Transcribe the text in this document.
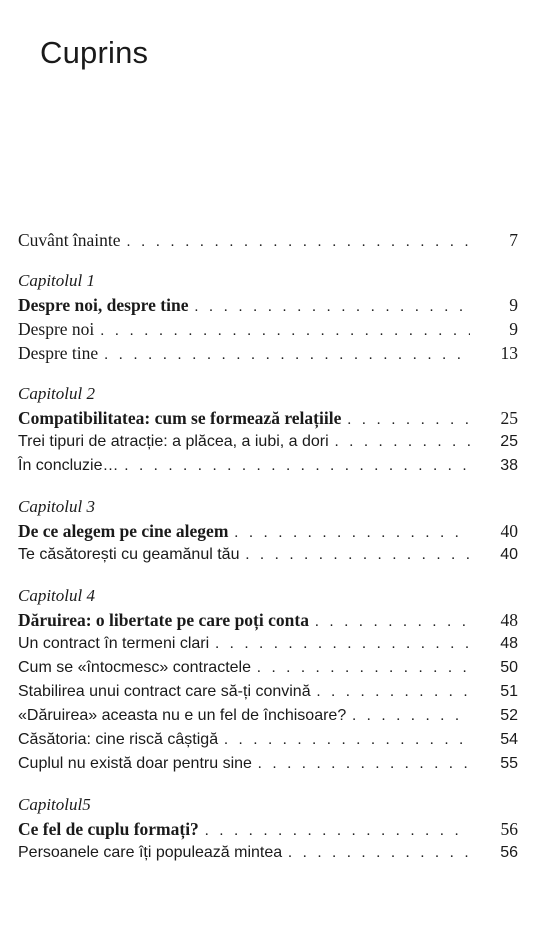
Cuprins
Cuvânt înainte . . .	7
Capitolul 1
Despre noi, despre tine . . .	9
Despre noi . . .	9
Despre tine . . .	13
Capitolul 2
Compatibilitatea: cum se formează relațiile . . .	25
Trei tipuri de atracție: a plăcea, a iubi, a dori . . .	25
În concluzie… . . .	38
Capitolul 3
De ce alegem pe cine alegem . . .	40
Te căsătorești cu geamănul tău . . .	40
Capitolul 4
Dăruirea: o libertate pe care poți conta . . .	48
Un contract în termeni clari . . .	48
Cum se «întocmesc» contractele . . .	50
Stabilirea unui contract care să-ți convină . . .	51
«Dăruirea» aceasta nu e un fel de închisoare? . . .	52
Căsătoria: cine riscă câștigă . . .	54
Cuplul nu există doar pentru sine . . .	55
Capitolul5
Ce fel de cuplu formați? . . .	56
Persoanele care îți populează mintea . . .	56
